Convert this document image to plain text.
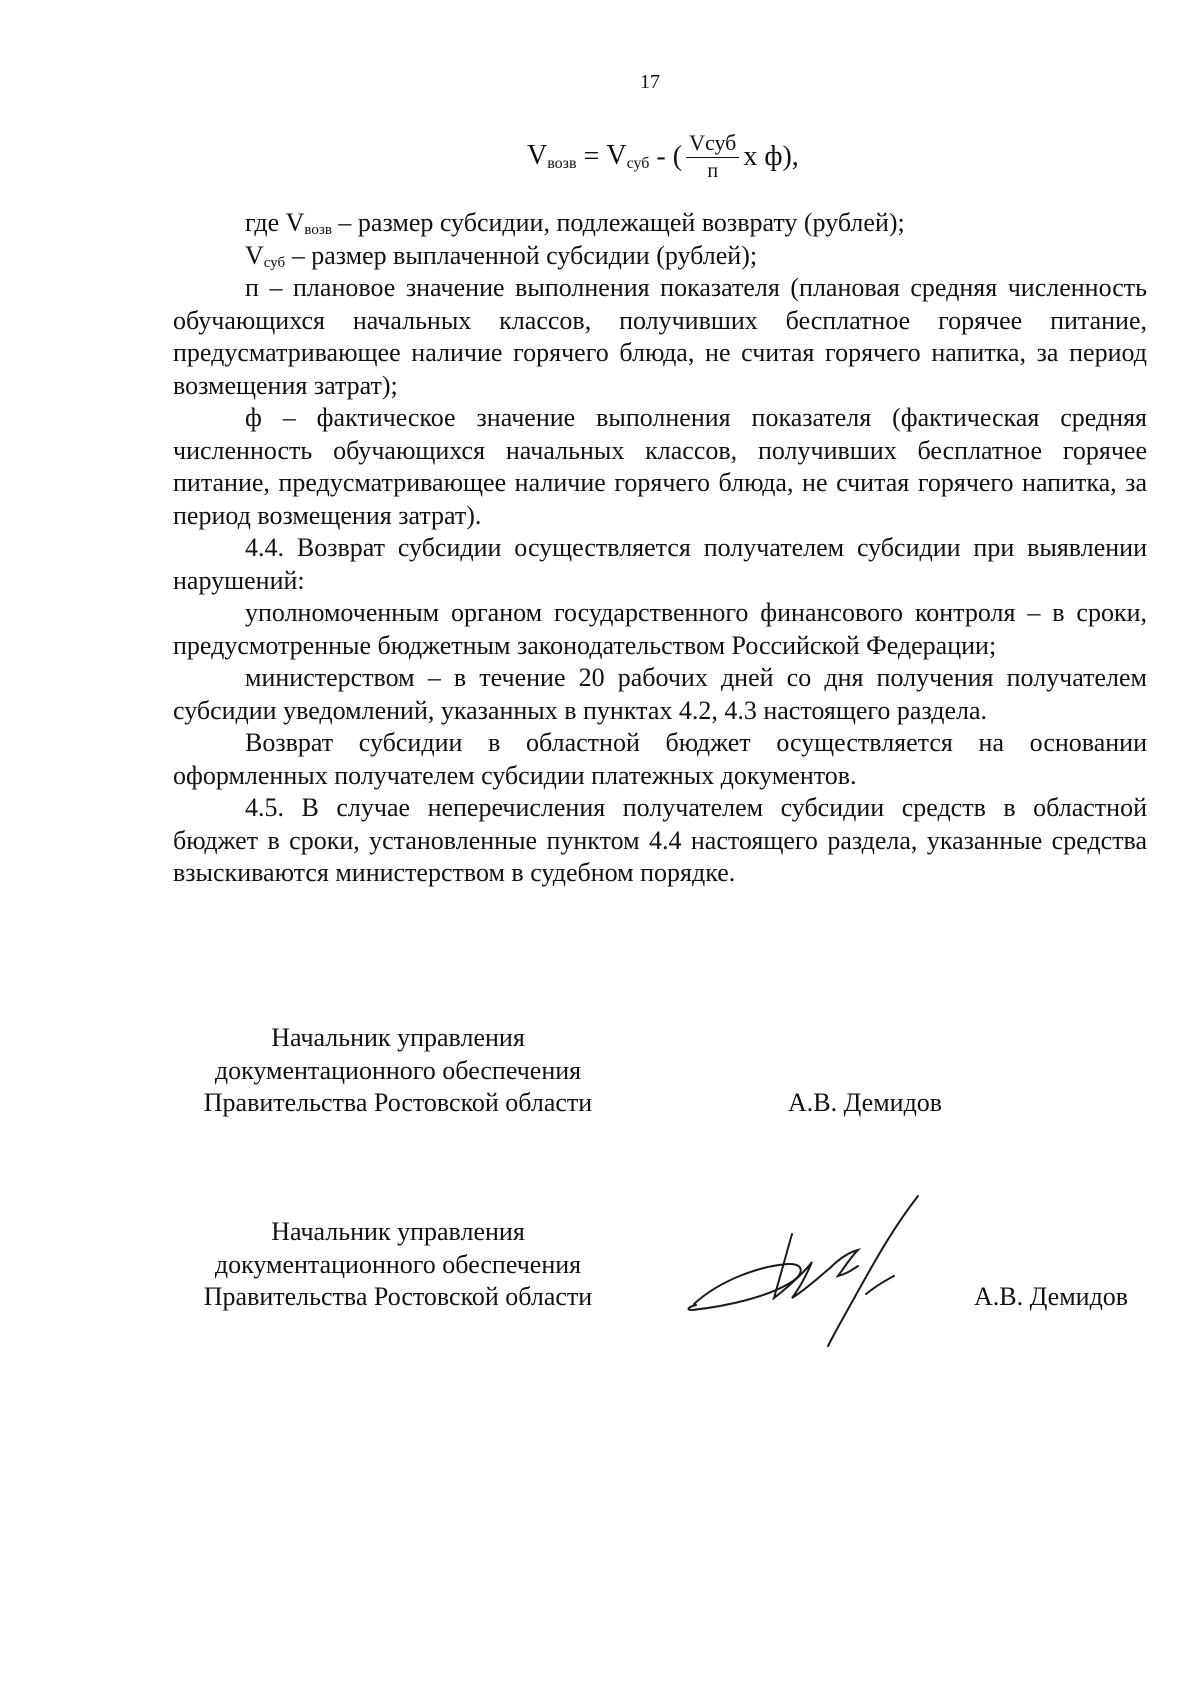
17
$V_{возв}$
=
$V_{суб}$
- ( $\frac{\text{Vсуб}}{п}$ х ф),

где $V_{возв}$ – размер субсидии, подлежащей возврату (рублей);

$V_{суб}$ – размер выплаченной субсидии (рублей);

п – плановое значение выполнения показателя (плановая средняя численность обучающихся начальных классов, получивших бесплатное горячее питание, предусматривающее наличие горячего блюда, не считая горячего напитка, за период возмещения затрат);

ф – фактическое значение выполнения показателя (фактическая средняя численность обучающихся начальных классов, получивших бесплатное горячее питание, предусматривающее наличие горячего блюда, не считая горячего напитка, за период возмещения затрат).

4.4. Возврат субсидии осуществляется получателем субсидии при выявлении нарушений:

уполномоченным органом государственного финансового контроля – в сроки, предусмотренные бюджетным законодательством Российской Федерации;

министерством – в течение 20 рабочих дней со дня получения получателем субсидии уведомлений, указанных в пунктах 4.2, 4.3 настоящего раздела.

Возврат субсидии в областной бюджет осуществляется на основании оформленных получателем субсидии платежных документов.

4.5. В случае неперечисления получателем субсидии средств в областной бюджет в сроки, установленные пунктом 4.4 настоящего раздела, указанные средства взыскиваются министерством в судебном порядке.

Начальник управления
документационного обеспечения
Правительства Ростовской области	А.В. Демидов
Начальник управления
документационного обеспечения
Правительства Ростовской области	А.В. Демидов
